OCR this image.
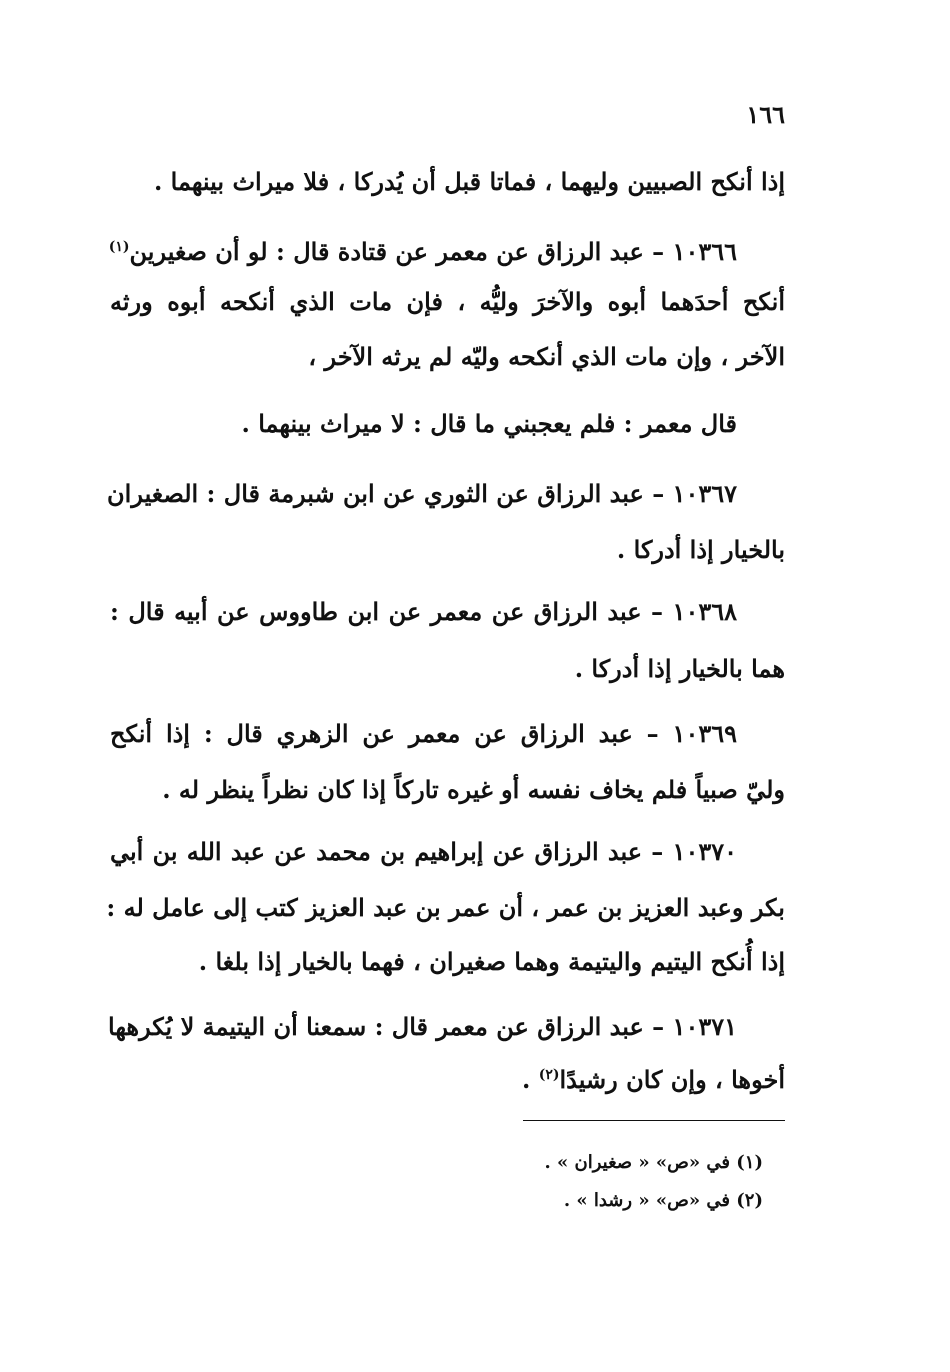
١٦٦
إذا أنكح الصبيين وليهما ، فماتا قبل أن يُدركا ، فلا ميراث بينهما .
١٠٣٦٦ – عبد الرزاق عن معمر عن قتادة قال : لو أن صغيرين$^{(١)}$
أنكح أحدَهما أبوه والآخرَ وليُّه ، فإن مات الذي أنكحه أبوه ورثه
الآخر ، وإن مات الذي أنكحه وليّه لم يرثه الآخر ،
قال معمر : فلم يعجبني ما قال : لا ميراث بينهما .
١٠٣٦٧ – عبد الرزاق عن الثوري عن ابن شبرمة قال : الصغيران
بالخيار إذا أدركا .
١٠٣٦٨ – عبد الرزاق عن معمر عن ابن طاووس عن أبيه قال :
هما بالخيار إذا أدركا .
١٠٣٦٩ – عبد الرزاق عن معمر عن الزهري قال : إذا أنكح
وليّ صبياً فلم يخاف نفسه أو غيره تاركاً إذا كان نظراً ينظر له .
١٠٣٧٠ – عبد الرزاق عن إبراهيم بن محمد عن عبد الله بن أبي
بكر وعبد العزيز بن عمر ، أن عمر بن عبد العزيز كتب إلى عامل له :
إذا أُنكح اليتيم واليتيمة وهما صغيران ، فهما بالخيار إذا بلغا .
١٠٣٧١ – عبد الرزاق عن معمر قال : سمعنا أن اليتيمة لا يُكرهها
أخوها ، وإن كان رشيدًا$^{(٢)}$ .
(١) في «ص» « صغيران » .
(٢) في «ص» « رشدا » .
